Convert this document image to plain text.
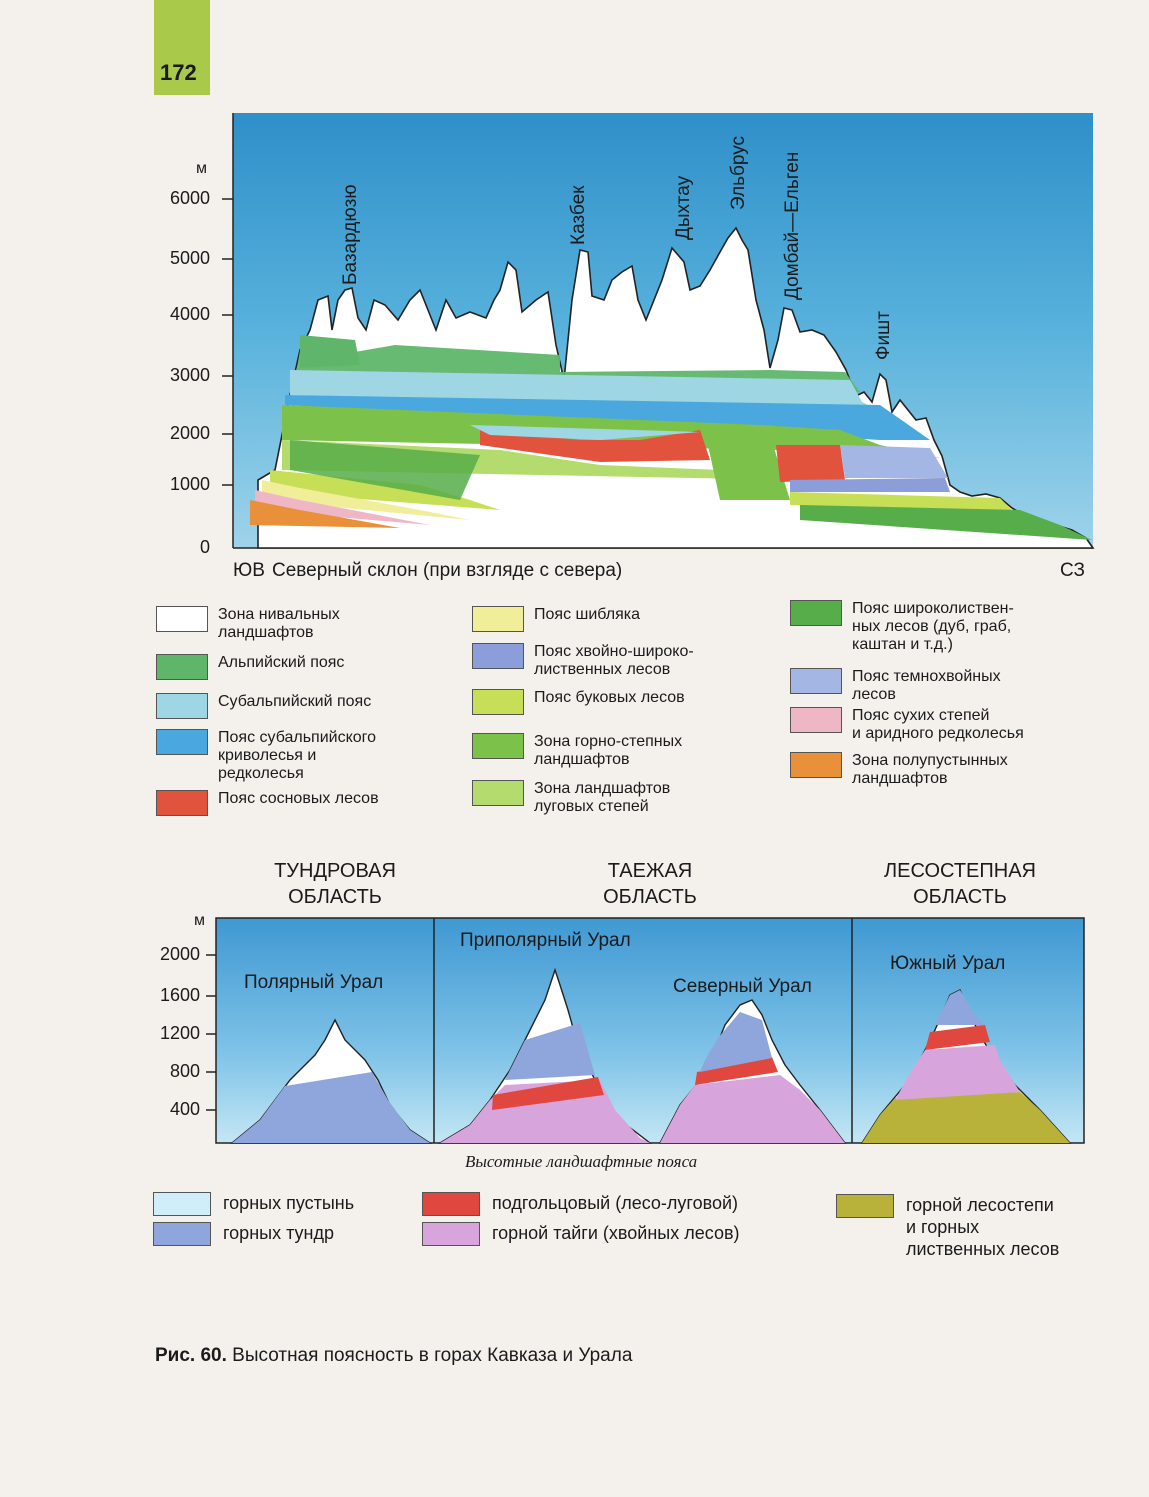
172
м
6000
5000
4000
3000
2000
1000
0
Базардюзю	Казбек	Дыхтау Эльбрус Домбай—Ельген
Фишт
ЮВ Северный склон (при взгляде с севера)	СЗ
Зона нивальных
ландшафтов
Альпийский пояс
Субальпийский пояс
Пояс субальпийского
криволесья и
редколесья
Пояс сосновых лесов
Пояс шибляка
Пояс хвойно-широко-
лиственных лесов
Пояс буковых лесов
Зона горно-степных
ландшафтов
Зона ландшафтов
луговых степей
Пояс широколиствен-
ных лесов (дуб, граб,
каштан и т.д.)
Пояс темнохвойных
лесов
Пояс сухих степей
и аридного редколесья
Зона полупустынных
ландшафтов
ТУНДРОВАЯ
ОБЛАСТЬ
ТАЕЖАЯ
ОБЛАСТЬ
ЛЕСОСТЕПНАЯ
ОБЛАСТЬ
м
2000
1600
1200
800
400
Полярный Урал
Приполярный Урал
Северный Урал
Южный Урал
Высотные ландшафтные пояса
горных пустынь
горных тундр
подгольцовый (лесо-луговой)
горной тайги (хвойных лесов)
горной лесостепи
и горных
лиственных лесов
Рис. 60. Высотная поясность в горах Кавказа и Урала
